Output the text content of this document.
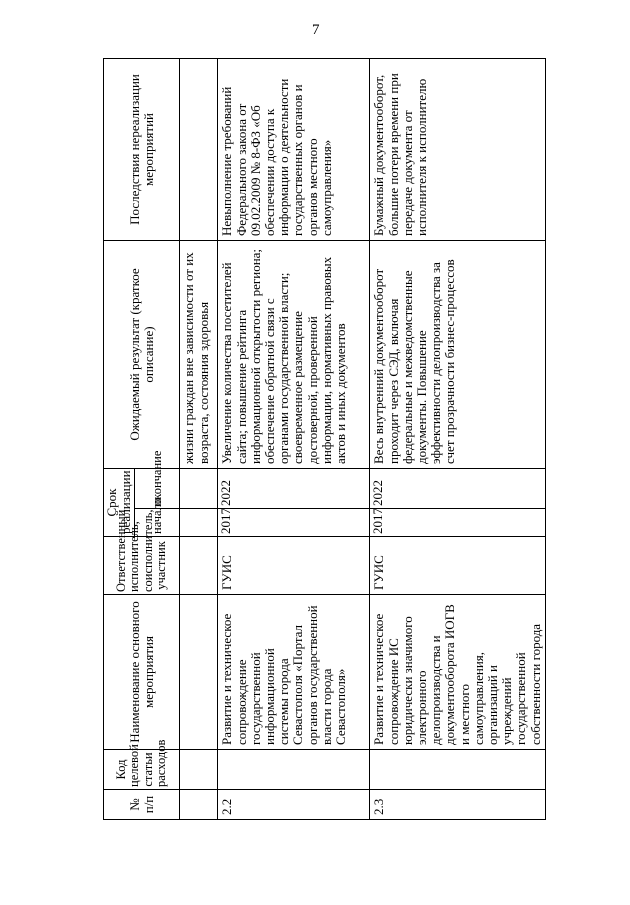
7
№ п/п	Код целевой статьи расходов	Наименование основного мероприятия	Ответственный исполнитель, соисполнитель, участник	Срок реализации		Ожидаемый результат (краткое описание)	Последствия нереализации мероприятий
				начало	окончание		
						жизни граждан вне зависимости от их возраста, состояния здоровья	
2.2		Развитие и техническое сопровождение государственной информационной системы города Севастополя «Портал органов государственной власти города Севастополя»	ГУИС	2017	2022	Увеличение количества посетителей сайта; повышение рейтинга информационной открытости региона; обеспечение обратной связи с органами государственной власти; своевременное размещение достоверной, проверенной информации, нормативных правовых актов и иных документов	Невыполнение требований Федерального закона от 09.02.2009 № 8-ФЗ «Об обеспечении доступа к информации о деятельности государственных органов и органов местного самоуправления»
2.3		Развитие и техническое сопровождение ИС юридически значимого электронного делопроизводства и документооборота ИОГВ и местного самоуправления, организаций и учреждений государственной собственности города	ГУИС	2017	2022	Весь внутренний документооборот проходит через СЭД, включая федеральные и межведомственные документы. Повышение эффективности делопроизводства за счет прозрачности бизнес-процессов	Бумажный документооборот, большие потери времени при передаче документа от исполнителя к исполнителю
